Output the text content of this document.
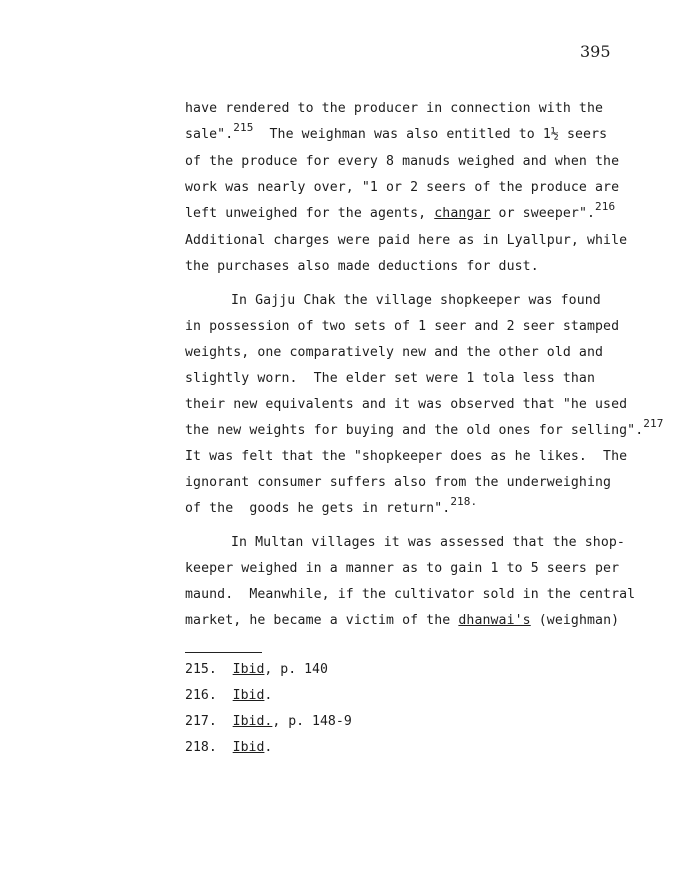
395
have rendered to the producer in connection with the
sale".$^{215}$  The weighman was also entitled to 1½ seers
of the produce for every 8 manuds weighed and when the
work was nearly over, "1 or 2 seers of the produce are
left unweighed for the agents, changar or sweeper".$^{216}$
Additional charges were paid here as in Lyallpur, while
the purchases also made deductions for dust.
In Gajju Chak the village shopkeeper was found
in possession of two sets of 1 seer and 2 seer stamped
weights, one comparatively new and the other old and
slightly worn.  The elder set were 1 tola less than
their new equivalents and it was observed that "he used
the new weights for buying and the old ones for selling".$^{217}$
It was felt that the "shopkeeper does as he likes.  The
ignorant consumer suffers also from the underweighing
of the  goods he gets in return".$^{218.}$
In Multan villages it was assessed that the shop-
keeper weighed in a manner as to gain 1 to 5 seers per
maund.  Meanwhile, if the cultivator sold in the central
market, he became a victim of the dhanwai's (weighman)
215. Ibid, p. 140
216. Ibid.
217. Ibid., p. 148-9
218. Ibid.
